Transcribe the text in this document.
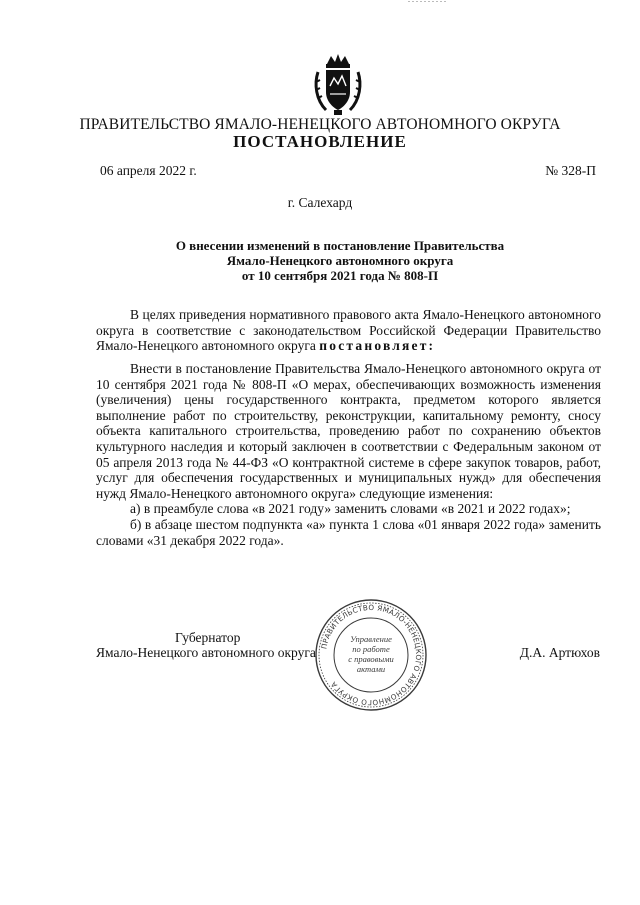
ПРАВИТЕЛЬСТВО ЯМАЛО-НЕНЕЦКОГО АВТОНОМНОГО ОКРУГА
ПОСТАНОВЛЕНИЕ
06 апреля 2022 г.	№ 328-П
г. Салехард
О внесении изменений в постановление Правительства
Ямало-Ненецкого автономного округа
от 10 сентября 2021 года № 808-П

В целях приведения нормативного правового акта Ямало-Ненецкого автономного округа в соответствие с законодательством Российской Федерации Правительство Ямало-Ненецкого автономного округа постановляет:

Внести в постановление Правительства Ямало-Ненецкого автономного округа от 10 сентября 2021 года № 808-П «О мерах, обеспечивающих возможность изменения (увеличения) цены государственного контракта, предметом которого является выполнение работ по строительству, реконструкции, капитальному ремонту, сносу объекта капитального строительства, проведению работ по сохранению объектов культурного наследия и который заключен в соответствии с Федеральным законом от 05 апреля 2013 года № 44-ФЗ «О контрактной системе в сфере закупок товаров, работ, услуг для обеспечения государственных и муниципальных нужд» для обеспечения нужд Ямало-Ненецкого автономного округа» следующие изменения:

а) в преамбуле слова «в 2021 году» заменить словами «в 2021 и 2022 годах»;

б) в абзаце шестом подпункта «а» пункта 1 слова «01 января 2022 года» заменить словами «31 декабря 2022 года».

Губернатор
Ямало-Ненецкого автономного округа	Д.А. Артюхов
ПРАВИТЕЛЬСТВО ЯМАЛО-НЕНЕЦКОГО АВТОНОМНОГО ОКРУГА
Управление
по работе
с правовыми
актами
